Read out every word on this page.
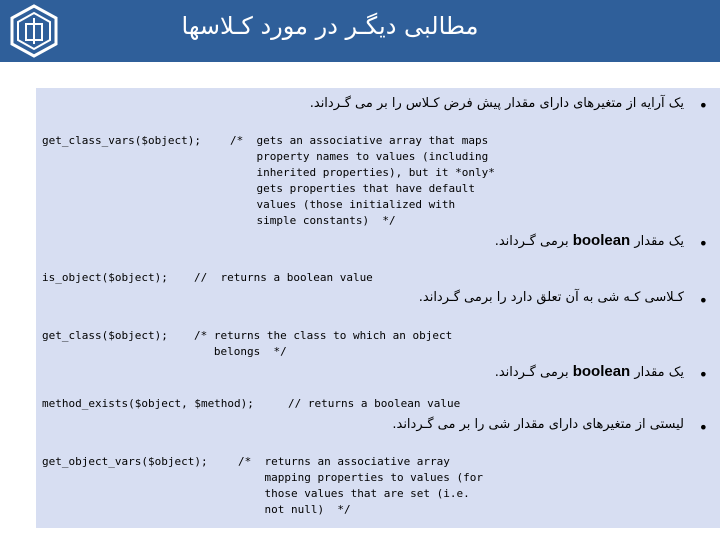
مطالبی دیگـر در مورد کـلاسها
•
یک آرایه از متغیرهای دارای مقدار پیش فرض کـلاس را بر می گـرداند.
get_class_vars($object);	/*  gets an associative array that maps
property names to values (including
inherited properties), but it *only*
gets properties that have default
values (those initialized with
simple constants)  */
•
یک مقدار boolean برمی گـرداند.
is_object($object); //  returns a boolean value
•
کـلاسی کـه شی به آن تعلق دارد را برمی گـرداند.
get_class($object); /* returns the class to which an object
belongs  */
•
یک مقدار boolean برمی گـرداند.
method_exists($object, $method);	// returns a boolean value
•
لیستی از متغیرهای دارای مقدار شی را بر می گـرداند.
get_object_vars($object);	/*  returns an associative array
mapping properties to values (for
those values that are set (i.e.
not null)  */
